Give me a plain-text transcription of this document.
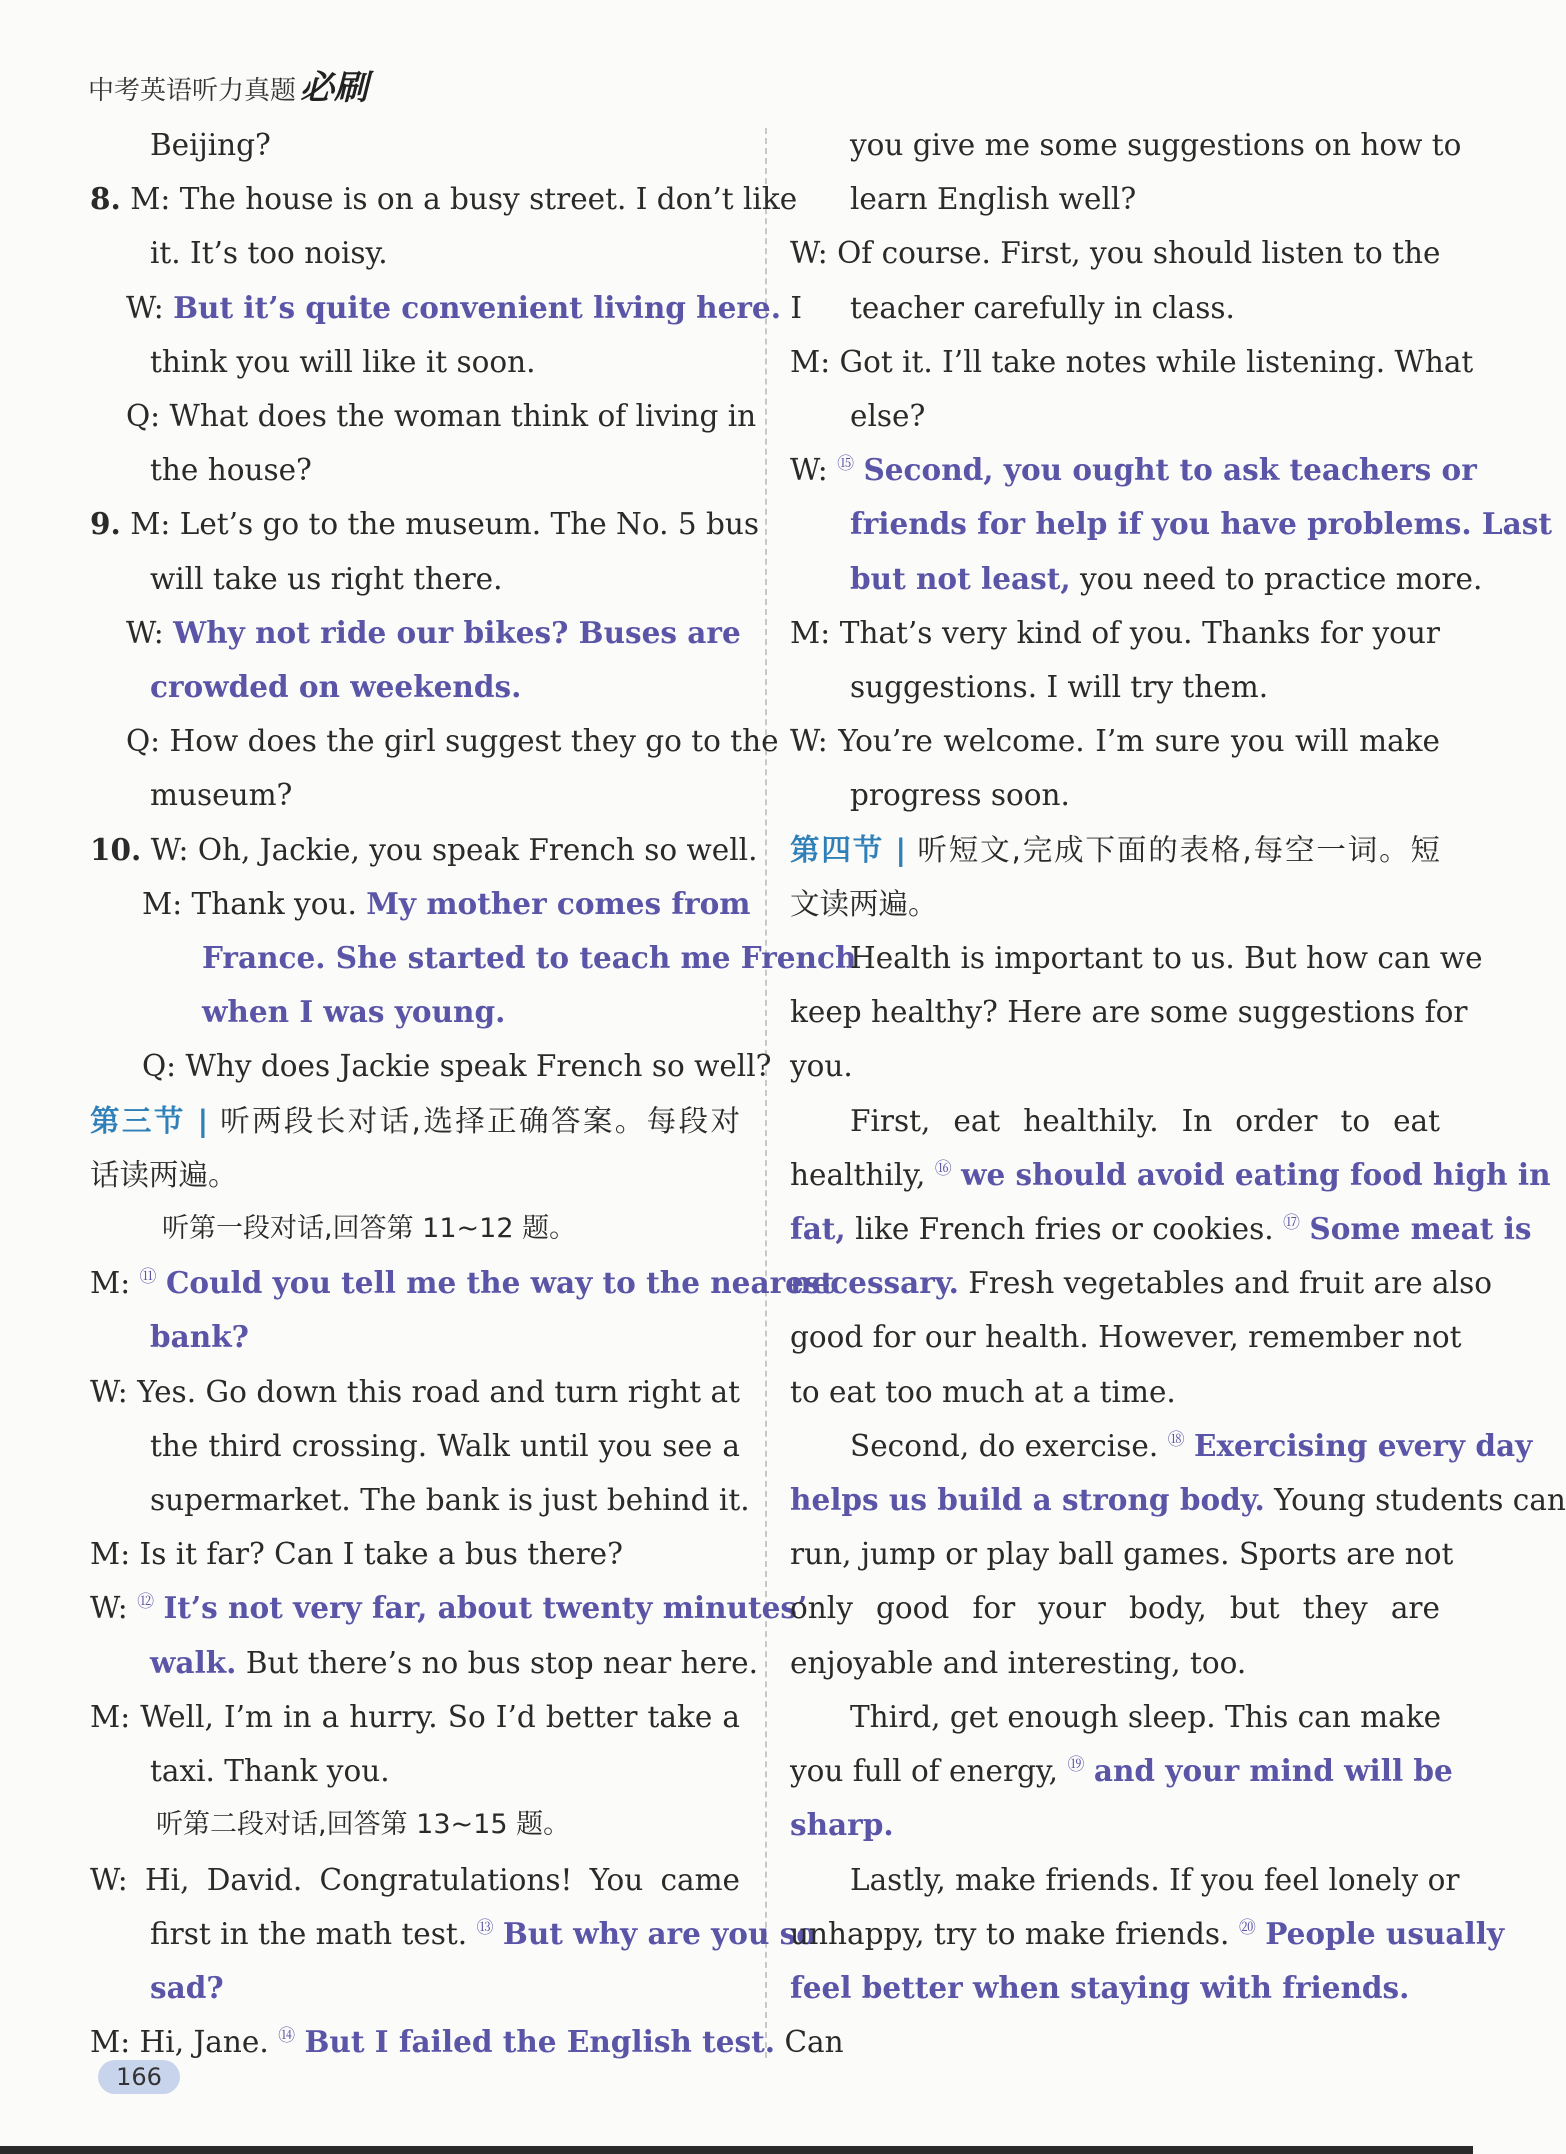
中考英语听力真题 必刷
Beijing?
8. M: The house is on a busy street. I don’t like
it. It’s too noisy.
W: But it’s quite convenient living here. I
think you will like it soon.
Q: What does the woman think of living in
the house?
9. M: Let’s go to the museum. The No. 5 bus
will take us right there.
W: Why not ride our bikes? Buses are
crowded on weekends.
Q: How does the girl suggest they go to the
museum?
10. W: Oh, Jackie, you speak French so well.
M: Thank you. My mother comes from
France. She started to teach me French
when I was young.
Q: Why does Jackie speak French so well?
第三节 | 听两段长对话,选择正确答案。每段对
话读两遍。
听第一段对话,回答第 11~12 题。
M: ⑪ Could you tell me the way to the nearest
bank?
W: Yes. Go down this road and turn right at
the third crossing. Walk until you see a
supermarket. The bank is just behind it.
M: Is it far? Can I take a bus there?
W: ⑫ It’s not very far, about twenty minutes’
walk. But there’s no bus stop near here.
M: Well, I’m in a hurry. So I’d better take a
taxi. Thank you.
听第二段对话,回答第 13~15 题。
W: Hi, David. Congratulations! You came
first in the math test. ⑬ But why are you so
sad?
M: Hi, Jane. ⑭ But I failed the English test. Can
you give me some suggestions on how to
learn English well?
W: Of course. First, you should listen to the
teacher carefully in class.
M: Got it. I’ll take notes while listening. What
else?
W: ⑮ Second, you ought to ask teachers or
friends for help if you have problems. Last
but not least, you need to practice more.
M: That’s very kind of you. Thanks for your
suggestions. I will try them.
W: You’re welcome. I’m sure you will make
progress soon.
第四节 | 听短文,完成下面的表格,每空一词。短
文读两遍。
Health is important to us. But how can we
keep healthy? Here are some suggestions for
you.
First, eat healthily. In order to eat
healthily, ⑯ we should avoid eating food high in
fat, like French fries or cookies. ⑰ Some meat is
necessary. Fresh vegetables and fruit are also
good for our health. However, remember not
to eat too much at a time.
Second, do exercise. ⑱ Exercising every day
helps us build a strong body. Young students can
run, jump or play ball games. Sports are not
only good for your body, but they are
enjoyable and interesting, too.
Third, get enough sleep. This can make
you full of energy, ⑲ and your mind will be
sharp.
Lastly, make friends. If you feel lonely or
unhappy, try to make friends. ⑳ People usually
feel better when staying with friends.
166
